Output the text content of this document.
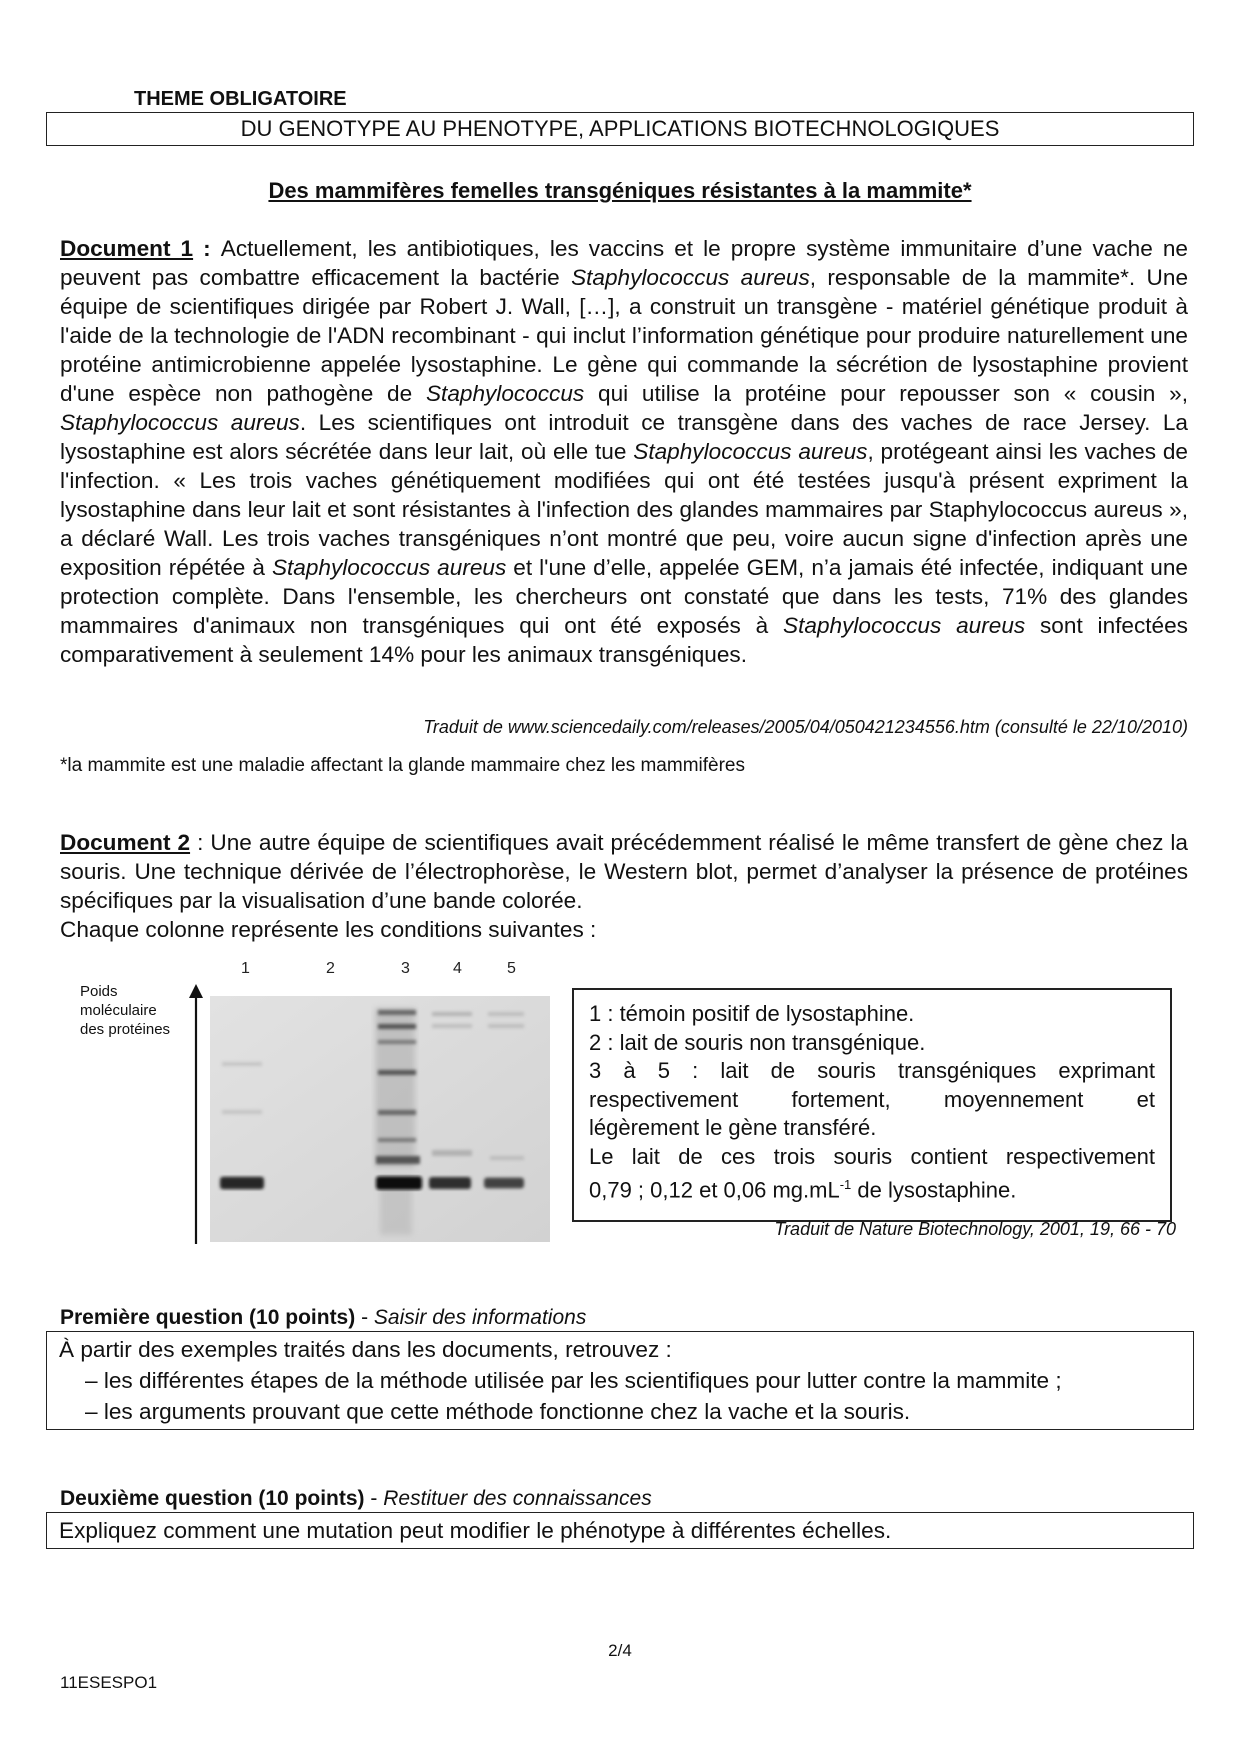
THEME OBLIGATOIRE
DU GENOTYPE AU PHENOTYPE, APPLICATIONS BIOTECHNOLOGIQUES
Des mammifères femelles transgéniques résistantes à la mammite*
Document 1 : Actuellement, les antibiotiques, les vaccins et le propre système immunitaire d’une vache ne peuvent pas combattre efficacement la bactérie Staphylococcus aureus, responsable de la mammite*. Une équipe de scientifiques dirigée par Robert J. Wall, […], a construit un transgène - matériel génétique produit à l'aide de la technologie de l'ADN recombinant - qui inclut l’information génétique pour produire naturellement une protéine antimicrobienne appelée lysostaphine. Le gène qui commande la sécrétion de lysostaphine provient d'une espèce non pathogène de Staphylococcus qui utilise la protéine pour repousser son « cousin », Staphylococcus aureus. Les scientifiques ont introduit ce transgène dans des vaches de race Jersey. La lysostaphine est alors sécrétée dans leur lait, où elle tue Staphylococcus aureus, protégeant ainsi les vaches de l'infection. « Les trois vaches génétiquement modifiées qui ont été testées jusqu'à présent expriment la lysostaphine dans leur lait et sont résistantes à l'infection des glandes mammaires par Staphylococcus aureus », a déclaré Wall. Les trois vaches transgéniques n’ont montré que peu, voire aucun signe d'infection après une exposition répétée à Staphylococcus aureus et l'une d’elle, appelée GEM, n’a jamais été infectée, indiquant une protection complète. Dans l'ensemble, les chercheurs ont constaté que dans les tests, 71% des glandes mammaires d'animaux non transgéniques qui ont été exposés à Staphylococcus aureus sont infectées comparativement à seulement 14% pour les animaux transgéniques.
Traduit de www.sciencedaily.com/releases/2005/04/050421234556.htm (consulté le 22/10/2010)
*la mammite est une maladie affectant la glande mammaire chez les mammifères
Document 2 : Une autre équipe de scientifiques avait précédemment réalisé le même transfert de gène chez la souris. Une technique dérivée de l’électrophorèse, le Western blot, permet d’analyser la présence de protéines spécifiques par la visualisation d’une bande colorée.
Chaque colonne représente les conditions suivantes :
1	2	3	4	5
Poids
moléculaire
des protéines
1 : témoin positif de lysostaphine.
2 : lait de souris non transgénique.
3 à 5 : lait de souris transgéniques exprimant
respectivement fortement, moyennement et
légèrement le gène transféré.
Le lait de ces trois souris contient respectivement
0,79 ; 0,12 et 0,06 $mg.mL^{-1}$ de lysostaphine.
Traduit de Nature Biotechnology, 2001, 19, 66 - 70
Première question (10 points) - Saisir des informations
À partir des exemples traités dans les documents, retrouvez :
– les différentes étapes de la méthode utilisée par les scientifiques pour lutter contre la mammite ;
– les arguments prouvant que cette méthode fonctionne chez la vache et la souris.
Deuxième question (10 points) - Restituer des connaissances
Expliquez comment une mutation peut modifier le phénotype à différentes échelles.
2/4
11ESESPO1
